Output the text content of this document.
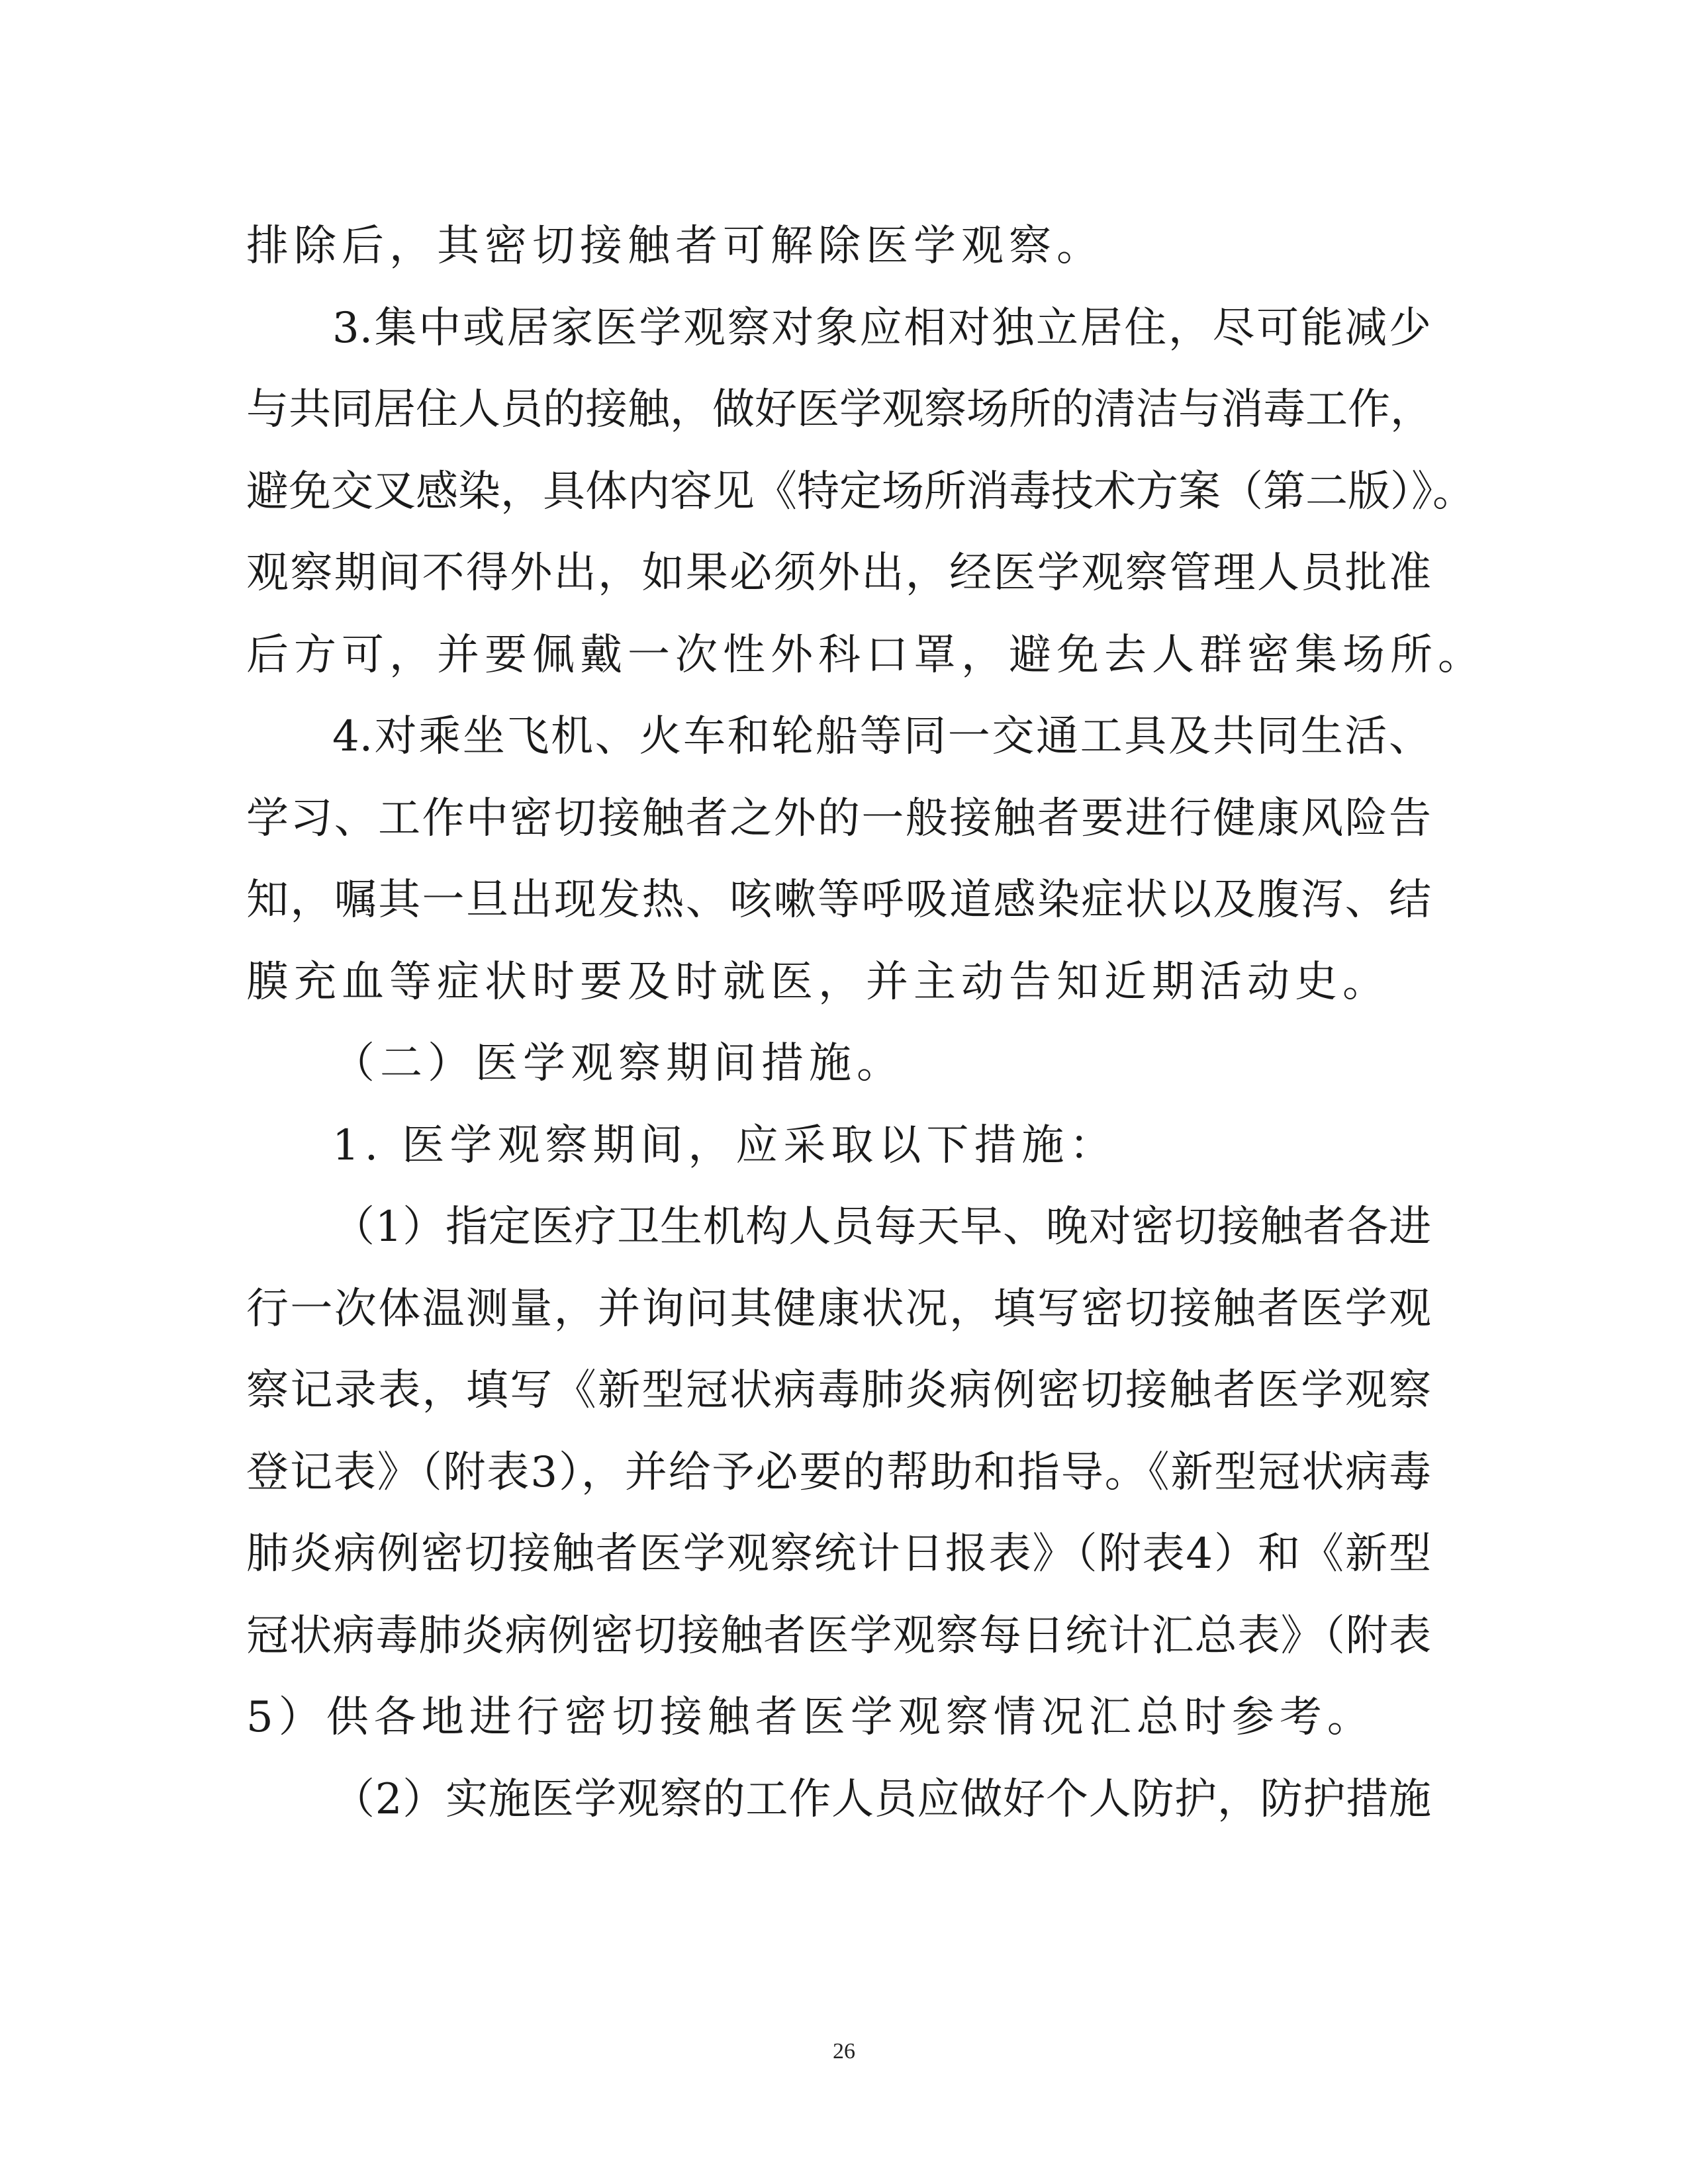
排除后，其密切接触者可解除医学观察。
3.集中或居家医学观察对象应相对独立居住，尽可能减少
与共同居住人员的接触，做好医学观察场所的清洁与消毒工作，
避免交叉感染，具体内容见《特定场所消毒技术方案（第二版）》。
观察期间不得外出，如果必须外出，经医学观察管理人员批准
后方可，并要佩戴一次性外科口罩，避免去人群密集场所。
4.对乘坐飞机、火车和轮船等同一交通工具及共同生活、
学习、工作中密切接触者之外的一般接触者要进行健康风险告
知，嘱其一旦出现发热、咳嗽等呼吸道感染症状以及腹泻、结
膜充血等症状时要及时就医，并主动告知近期活动史。
（二）医学观察期间措施。
1. 医学观察期间，应采取以下措施：
（1）指定医疗卫生机构人员每天早、晚对密切接触者各进
行一次体温测量，并询问其健康状况，填写密切接触者医学观
察记录表，填写《新型冠状病毒肺炎病例密切接触者医学观察
登记表》（附表3），并给予必要的帮助和指导。《新型冠状病毒
肺炎病例密切接触者医学观察统计日报表》（附表4）和《新型
冠状病毒肺炎病例密切接触者医学观察每日统计汇总表》（附表
5）供各地进行密切接触者医学观察情况汇总时参考。
（2）实施医学观察的工作人员应做好个人防护，防护措施
26
